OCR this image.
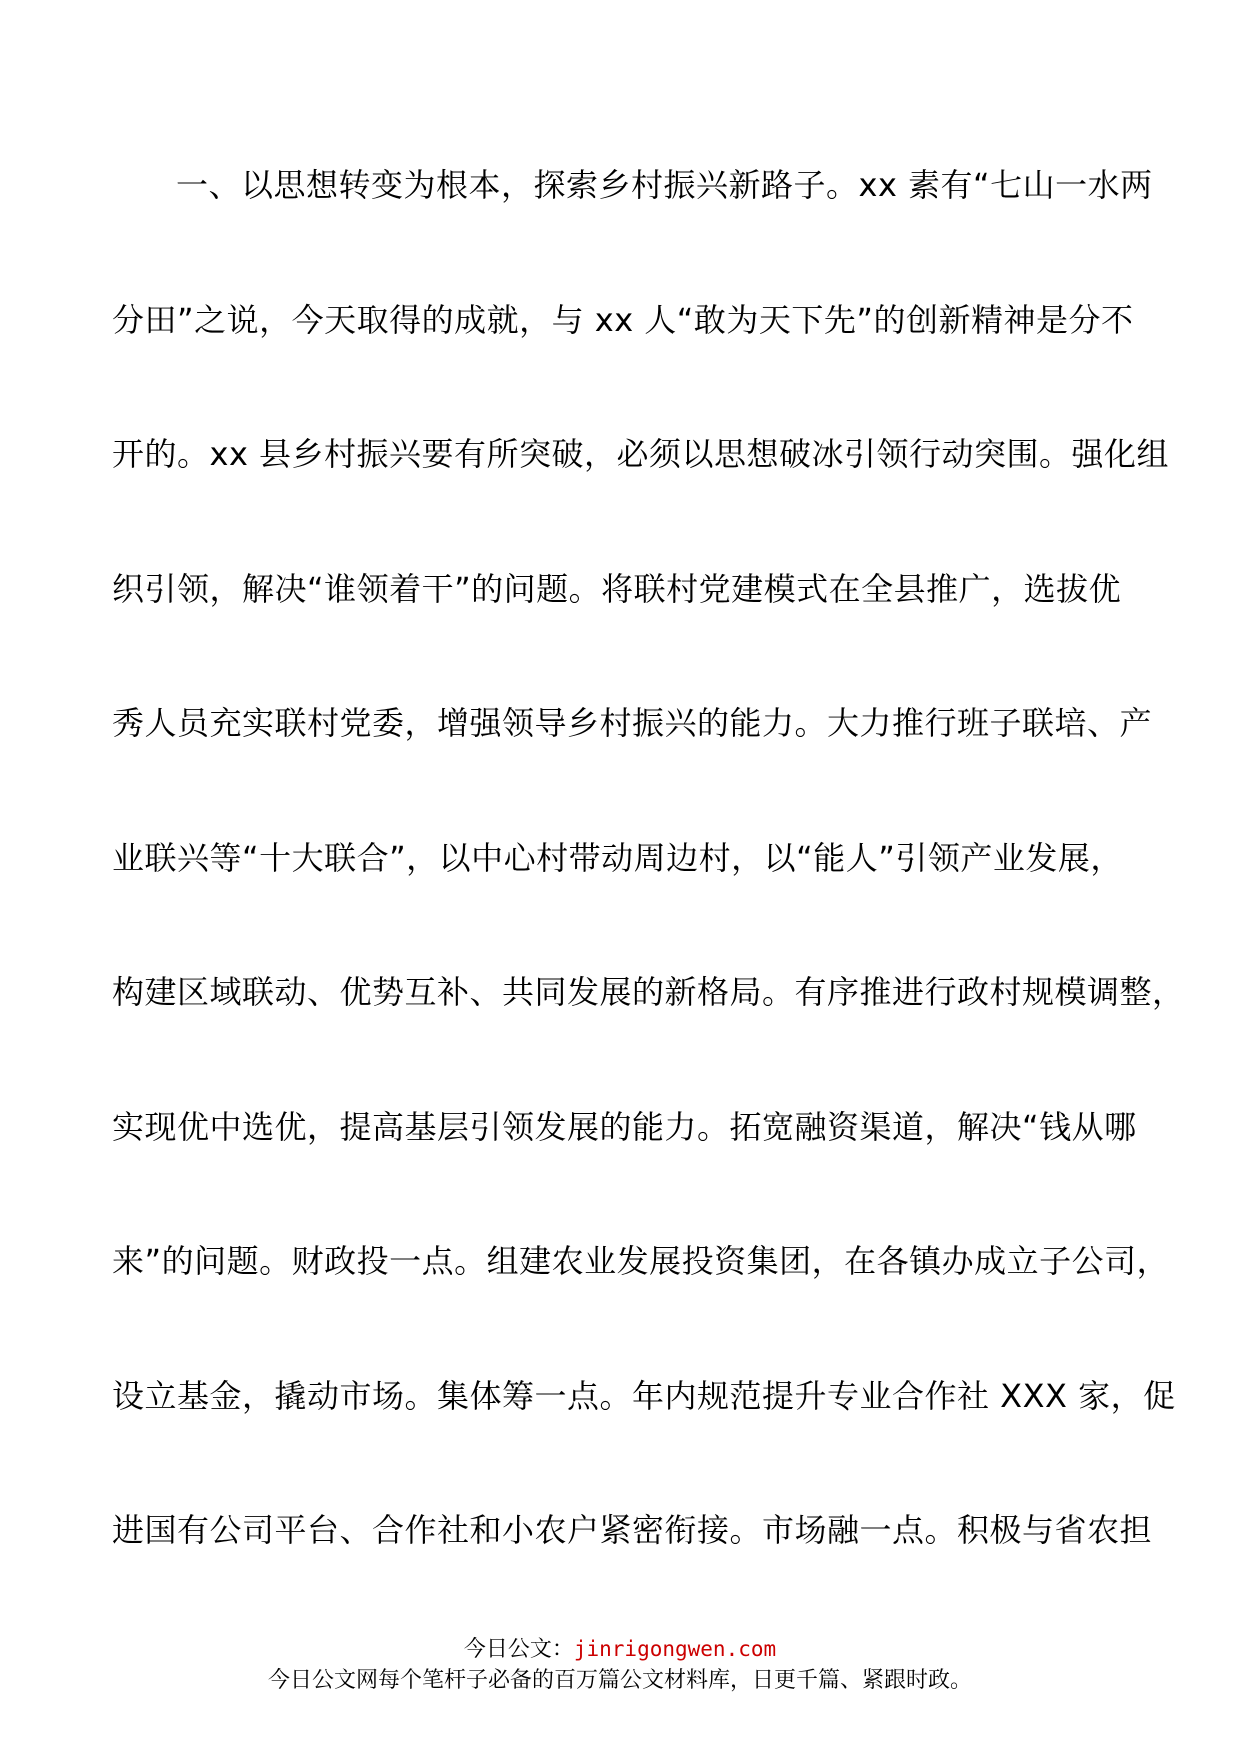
一、以思想转变为根本，探索乡村振兴新路子。xx 素有“七山一水两
分田”之说，今天取得的成就，与 xx 人“敢为天下先”的创新精神是分不
开的。xx 县乡村振兴要有所突破，必须以思想破冰引领行动突围。强化组
织引领，解决“谁领着干”的问题。将联村党建模式在全县推广，选拔优
秀人员充实联村党委，增强领导乡村振兴的能力。大力推行班子联培、产
业联兴等“十大联合”，以中心村带动周边村，以“能人”引领产业发展，
构建区域联动、优势互补、共同发展的新格局。有序推进行政村规模调整，
实现优中选优，提高基层引领发展的能力。拓宽融资渠道，解决“钱从哪
来”的问题。财政投一点。组建农业发展投资集团，在各镇办成立子公司，
设立基金，撬动市场。集体筹一点。年内规范提升专业合作社 XXX 家，促
进国有公司平台、合作社和小农户紧密衔接。市场融一点。积极与省农担
今日公文：jinrigongwen.com
今日公文网每个笔杆子必备的百万篇公文材料库，日更千篇、紧跟时政。
